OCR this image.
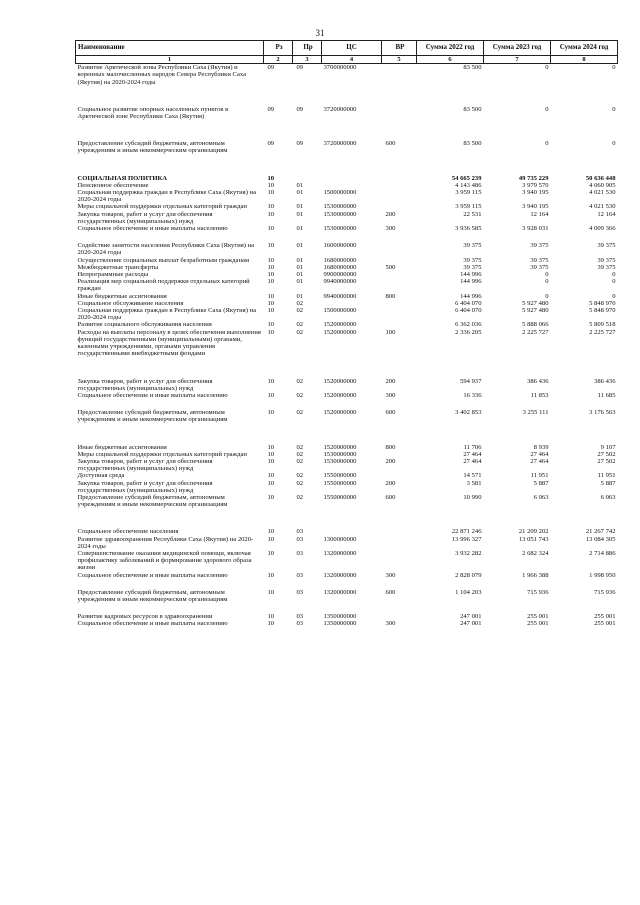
31
Наименование	Рз	Пр	ЦС	ВР	Сумма 2022 год	Сумма 2023 год	Сумма 2024 год
1	2	3	4	5	6	7	8
Развитие Арктической зоны Республики Саха (Якутия) и коренных малочисленных народов Севера Республики Саха (Якутия) на 2020-2024 годы	09	09	3700000000		83 500	0	0

Социальное развитие опорных населенных пунктов в Арктической зоне Республики Саха (Якутия)	09	09	3720000000		83 500	0	0

Предоставление субсидий бюджетным, автономным учреждениям и иным некоммерческим организациям	09	09	3720000000	600	83 500	0	0

СОЦИАЛЬНАЯ ПОЛИТИКА	10				54 665 239	49 735 229	50 636 448
Пенсионное обеспечение	10	01			4 143 486	3 979 570	4 060 905
Социальная поддержка граждан в Республике Саха (Якутия) на 2020-2024 годы	10	01	1500000000		3 959 115	3 940 195	4 021 530
Меры социальной поддержки отдельных категорий граждан	10	01	1530000000		3 959 115	3 940 195	4 021 530
Закупка товаров, работ и услуг для обеспечения государственных (муниципальных) нужд	10	01	1530000000	200	22 531	12 164	12 164
Социальное обеспечение и иные выплаты населению	10	01	1530000000	300	3 936 585	3 928 031	4 009 366

Содействие занятости населения Республики Саха (Якутия) на 2020-2024 годы	10	01	1600000000		39 375	39 375	39 375
Осуществление социальных выплат безработным гражданам	10	01	1680000000		39 375	39 375	39 375
Межбюджетные трансферты	10	01	1680000000	500	39 375	39 375	39 375
Непрограммные расходы	10	01	9900000000		144 996	0	0
Реализация мер социальной поддержки отдельных категорий граждан	10	01	9940000000		144 996	0	0
Иные бюджетные ассигнования	10	01	9940000000	800	144 996	0	0
Социальное обслуживание населения	10	02			6 404 070	5 927 480	5 848 970
Социальная поддержка граждан в Республике Саха (Якутия) на 2020-2024 годы	10	02	1500000000		6 404 070	5 927 480	5 848 970
Развитие социального обслуживания населения	10	02	1520000000		6 362 036	5 888 066	5 809 518
Расходы на выплаты персоналу в целях обеспечения выполнения функций государственными (муниципальными) органами, казенными учреждениями, органами управления государственными внебюджетными фондами	10	02	1520000000	100	2 336 205	2 225 727	2 225 727

Закупка товаров, работ и услуг для обеспечения государственных (муниципальных) нужд	10	02	1520000000	200	594 937	386 436	386 436
Социальное обеспечение и иные выплаты населению	10	02	1520000000	300	16 336	11 853	11 685

Предоставление субсидий бюджетным, автономным учреждениям и иным некоммерческим организациям	10	02	1520000000	600	3 402 853	3 255 111	3 176 563

Иные бюджетные ассигнования	10	02	1520000000	800	11 706	8 939	9 107
Меры социальной поддержки отдельных категорий граждан	10	02	1530000000		27 464	27 464	27 502
Закупка товаров, работ и услуг для обеспечения государственных (муниципальных) нужд	10	02	1530000000	200	27 464	27 464	27 502
Доступная среда	10	02	1550000000		14 571	11 951	11 951
Закупка товаров, работ и услуг для обеспечения государственных (муниципальных) нужд	10	02	1550000000	200	3 581	5 887	5 887
Предоставление субсидий бюджетным, автономным учреждениям и иным некоммерческим организациям	10	02	1550000000	600	10 990	6 063	6 063

Социальное обеспечение населения	10	03			22 871 246	21 209 202	21 267 742
Развитие здравоохранения Республики Саха (Якутия) на 2020-2024 годы	10	03	1300000000		13 996 327	13 051 743	13 084 305
Совершенствование оказания медицинской помощи, включая профилактику заболеваний и формирование здорового образа жизни	10	03	1320000000		3 932 282	2 682 324	2 714 886
Социальное обеспечение и иные выплаты населению	10	03	1320000000	300	2 828 079	1 966 388	1 998 950

Предоставление субсидий бюджетным, автономным учреждениям и иным некоммерческим организациям	10	03	1320000000	600	1 104 203	715 936	715 936

Развитие кадровых ресурсов в здравоохранении	10	03	1350000000		247 001	255 001	255 001
Социальное обеспечение и иные выплаты населению	10	03	1350000000	300	247 001	255 001	255 001
